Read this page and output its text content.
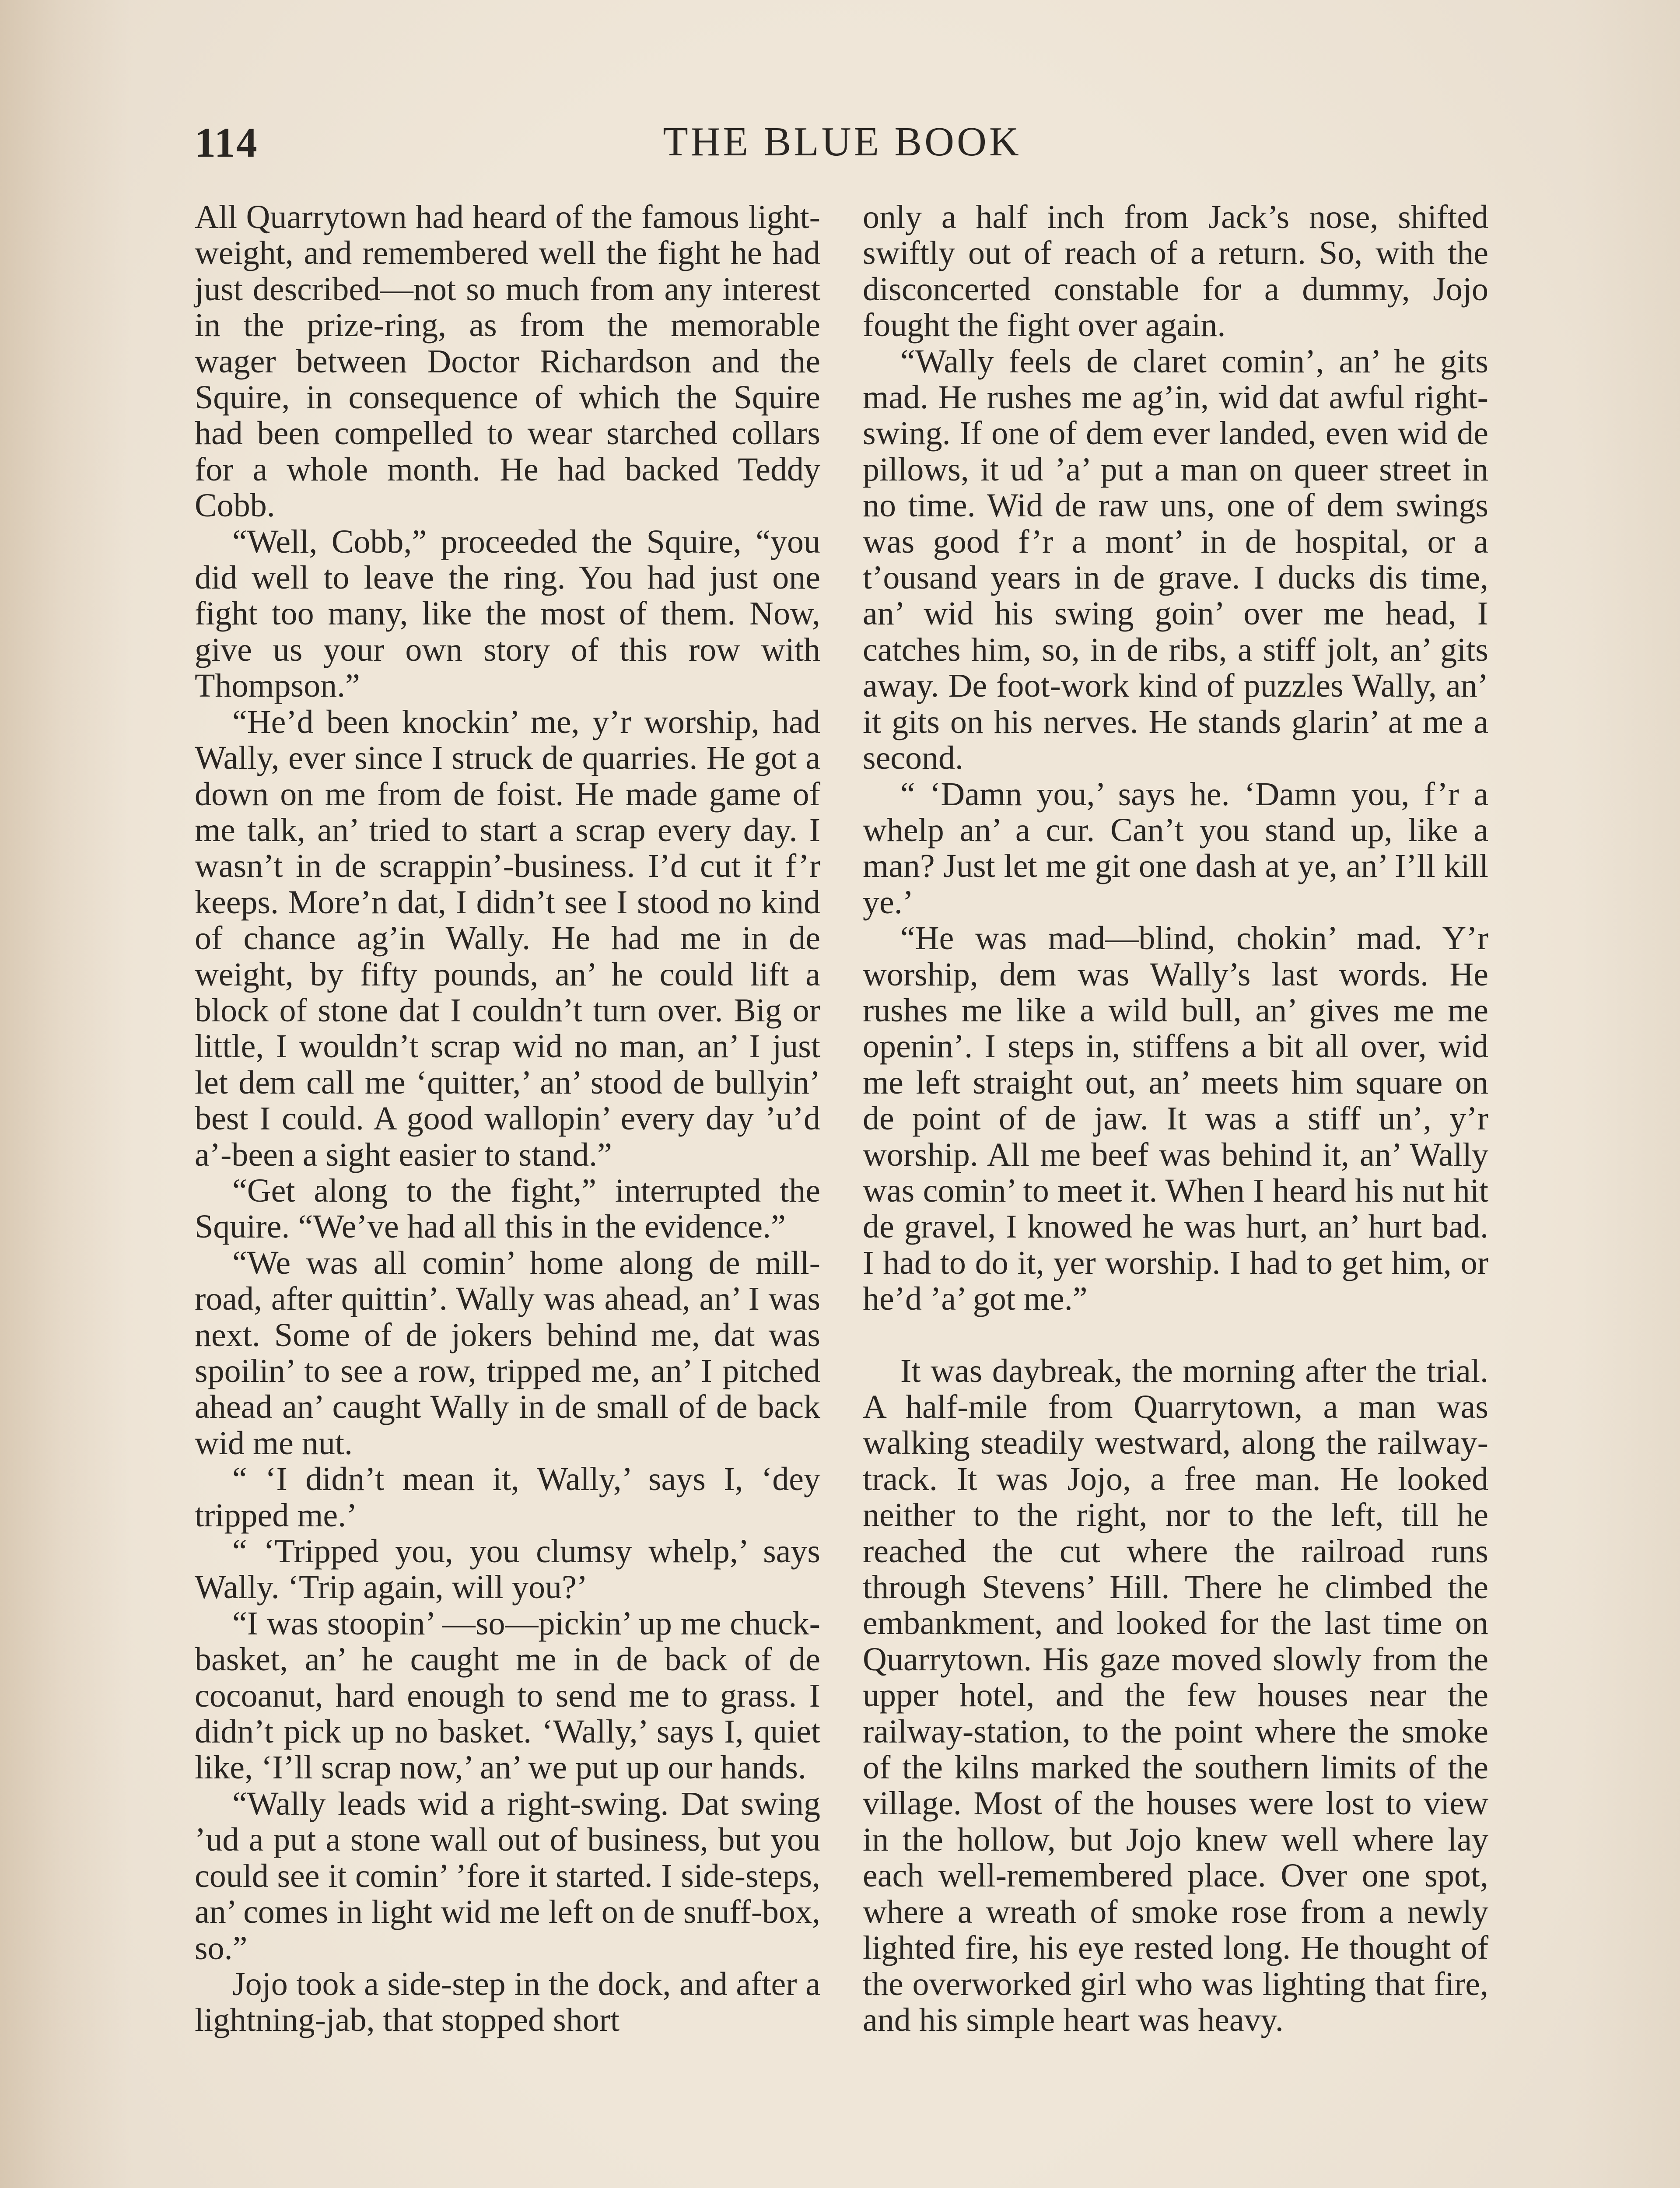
114	THE BLUE BOOK

All Quarrytown had heard of the famous light-weight, and remembered well the fight he had just described—not so much from any interest in the prize-ring, as from the memorable wager between Doctor Richardson and the Squire, in consequence of which the Squire had been compelled to wear starched collars for a whole month. He had backed Teddy Cobb.

“Well, Cobb,” proceeded the Squire, “you did well to leave the ring. You had just one fight too many, like the most of them. Now, give us your own story of this row with Thompson.”

“He’d been knockin’ me, y’r worship, had Wally, ever since I struck de quarries. He got a down on me from de foist. He made game of me talk, an’ tried to start a scrap every day. I wasn’t in de scrappin’-business. I’d cut it f’r keeps. More’n dat, I didn’t see I stood no kind of chance ag’in Wally. He had me in de weight, by fifty pounds, an’ he could lift a block of stone dat I couldn’t turn over. Big or little, I wouldn’t scrap wid no man, an’ I just let dem call me ‘quitter,’ an’ stood de bullyin’ best I could. A good wallopin’ every day ’u’d a’-been a sight easier to stand.”

“Get along to the fight,” interrupted the Squire. “We’ve had all this in the evidence.”

“We was all comin’ home along de mill-road, after quittin’. Wally was ahead, an’ I was next. Some of de jokers behind me, dat was spoilin’ to see a row, tripped me, an’ I pitched ahead an’ caught Wally in de small of de back wid me nut.

“ ‘I didn’t mean it, Wally,’ says I, ‘dey tripped me.’

“ ‘Tripped you, you clumsy whelp,’ says Wally. ‘Trip again, will you?’

“I was stoopin’ —so—pickin’ up me chuck-basket, an’ he caught me in de back of de cocoanut, hard enough to send me to grass. I didn’t pick up no basket. ‘Wally,’ says I, quiet like, ‘I’ll scrap now,’ an’ we put up our hands.

“Wally leads wid a right-swing. Dat swing ’ud a put a stone wall out of business, but you could see it comin’ ’fore it started. I side-steps, an’ comes in light wid me left on de snuff-box, so.”

Jojo took a side-step in the dock, and after a lightning-jab, that stopped short

only a half inch from Jack’s nose, shifted swiftly out of reach of a return. So, with the disconcerted constable for a dummy, Jojo fought the fight over again.

“Wally feels de claret comin’, an’ he gits mad. He rushes me ag’in, wid dat awful right-swing. If one of dem ever landed, even wid de pillows, it ud ’a’ put a man on queer street in no time. Wid de raw uns, one of dem swings was good f’r a mont’ in de hospital, or a t’ousand years in de grave. I ducks dis time, an’ wid his swing goin’ over me head, I catches him, so, in de ribs, a stiff jolt, an’ gits away. De foot-work kind of puzzles Wally, an’ it gits on his nerves. He stands glarin’ at me a second.

“ ‘Damn you,’ says he. ‘Damn you, f’r a whelp an’ a cur. Can’t you stand up, like a man? Just let me git one dash at ye, an’ I’ll kill ye.’

“He was mad—blind, chokin’ mad. Y’r worship, dem was Wally’s last words. He rushes me like a wild bull, an’ gives me me openin’. I steps in, stiffens a bit all over, wid me left straight out, an’ meets him square on de point of de jaw. It was a stiff un’, y’r worship. All me beef was behind it, an’ Wally was comin’ to meet it. When I heard his nut hit de gravel, I knowed he was hurt, an’ hurt bad. I had to do it, yer worship. I had to get him, or he’d ’a’ got me.”

It was daybreak, the morning after the trial. A half-mile from Quarrytown, a man was walking steadily westward, along the railway-track. It was Jojo, a free man. He looked neither to the right, nor to the left, till he reached the cut where the railroad runs through Stevens’ Hill. There he climbed the embankment, and looked for the last time on Quarrytown. His gaze moved slowly from the upper hotel, and the few houses near the railway-station, to the point where the smoke of the kilns marked the southern limits of the village. Most of the houses were lost to view in the hollow, but Jojo knew well where lay each well-remembered place. Over one spot, where a wreath of smoke rose from a newly lighted fire, his eye rested long. He thought of the overworked girl who was lighting that fire, and his simple heart was heavy.
